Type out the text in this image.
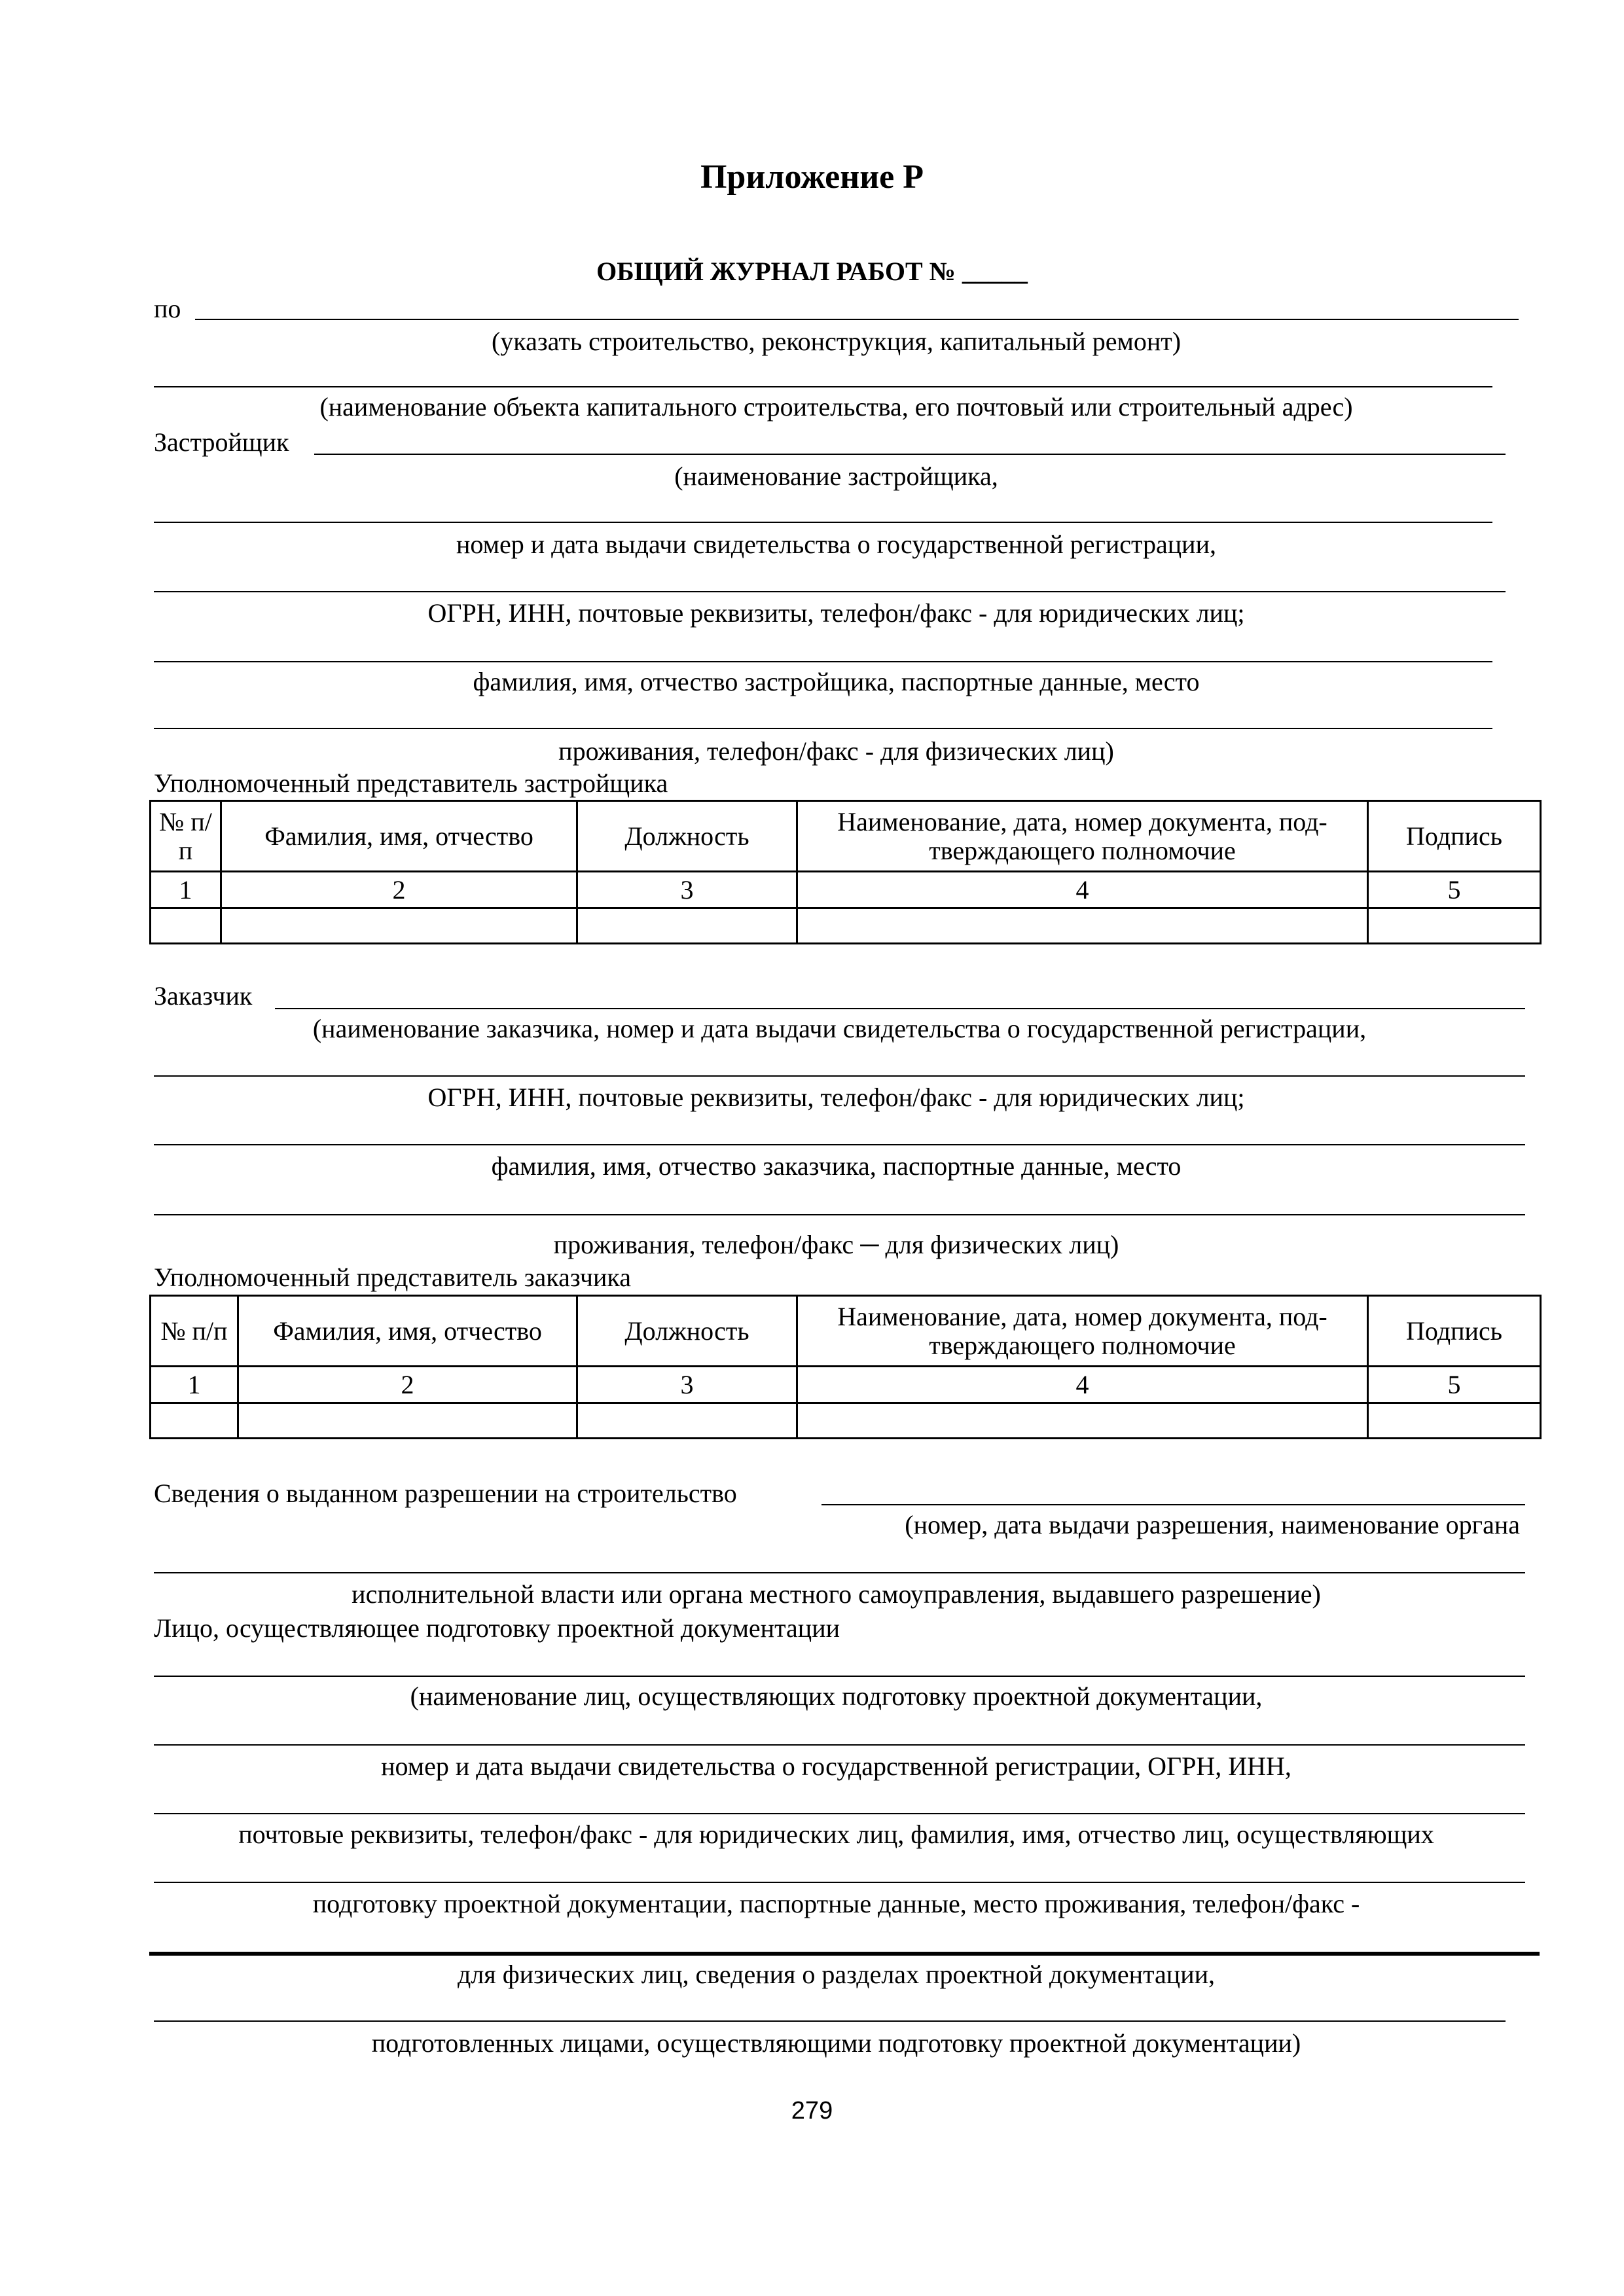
Приложение Р
ОБЩИЙ ЖУРНАЛ РАБОТ № _____
по
(указать строительство, реконструкция, капитальный ремонт)
(наименование объекта капитального строительства, его почтовый или строительный адрес)
Застройщик
(наименование застройщика,
номер и дата выдачи свидетельства о государственной регистрации,
ОГРН, ИНН, почтовые реквизиты, телефон/факс - для юридических лиц;
фамилия, имя, отчество застройщика, паспортные данные, место
проживания, телефон/факс - для физических лиц)
Уполномоченный представитель застройщика
№ п/п	Фамилия, имя, отчество	Должность	Наименование, дата, номер документа, под-тверждающего полномочие	Подпись
1	2	3	4	5

Заказчик
(наименование заказчика, номер и дата выдачи свидетельства о государственной регистрации,
ОГРН, ИНН, почтовые реквизиты, телефон/факс - для юридических лиц;
фамилия, имя, отчество заказчика, паспортные данные, место
проживания, телефон/факс ─ для физических лиц)
Уполномоченный представитель заказчика
№ п/п	Фамилия, имя, отчество	Должность	Наименование, дата, номер документа, под-тверждающего полномочие	Подпись
1	2	3	4	5

Сведения о выданном разрешении на строительство
(номер, дата выдачи разрешения, наименование органа
исполнительной власти или органа местного самоуправления, выдавшего разрешение)
Лицо, осуществляющее подготовку проектной документации
(наименование лиц, осуществляющих подготовку проектной документации,
номер и дата выдачи свидетельства о государственной регистрации, ОГРН, ИНН,
почтовые реквизиты, телефон/факс - для юридических лиц, фамилия, имя, отчество лиц, осуществляющих
подготовку проектной документации, паспортные данные, место проживания, телефон/факс -
для физических лиц, сведения о разделах проектной документации,
подготовленных лицами, осуществляющими подготовку проектной документации)
279
